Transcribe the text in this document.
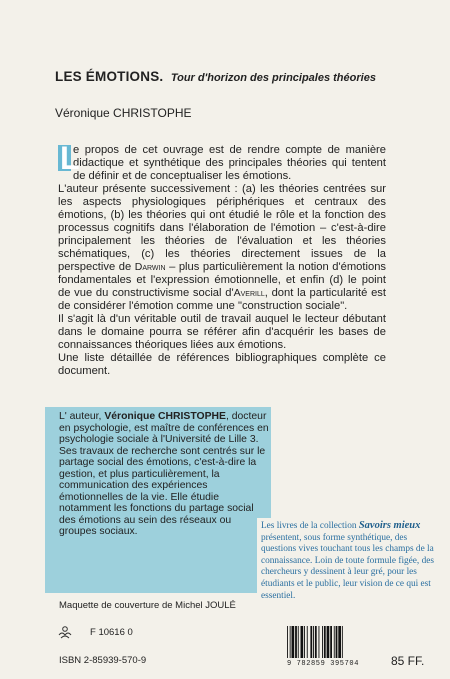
LES ÉMOTIONS. Tour d'horizon des principales théories
Véronique CHRISTOPHE

L
e propos de cet ouvrage est de rendre compte de manière didactique et synthétique des principales théories qui tentent de définir et de conceptualiser les émotions.

L'auteur présente successivement : (a) les théories centrées sur les aspects physiologiques périphériques et centraux des émotions, (b) les théories qui ont étudié le rôle et la fonction des processus cognitifs dans l'élaboration de l'émotion – c'est-à-dire principalement les théories de l'évaluation et les théories schématiques, (c) les théories directement issues de la perspective de Darwin – plus particulièrement la notion d'émotions fondamentales et l'expression émotionnelle, et enfin (d) le point de vue du constructivisme social d'Averill, dont la particularité est de considérer l'émotion comme une "construction sociale".

Il s'agit là d'un véritable outil de travail auquel le lecteur débutant dans le domaine pourra se référer afin d'acquérir les bases de connaissances théoriques liées aux émotions.

Une liste détaillée de références bibliographiques complète ce document.

L' auteur, Véronique CHRISTOPHE, docteur en psychologie, est maître de conférences en psychologie sociale à l'Université de Lille 3.

Ses travaux de recherche sont centrés sur le partage social des émotions, c'est-à-dire la gestion, et plus particulièrement, la communication des expériences émotionnelles de la vie. Elle étudie notamment les fonctions du partage social des émotions au sein des réseaux ou groupes sociaux.	Les livres de la collection Savoirs mieux présentent, sous forme synthétique, des questions vives touchant tous les champs de la connaissance. Loin de toute formule figée, des chercheurs y dessinent à leur gré, pour les étudiants et le public, leur vision de ce qui est essentiel.
Maquette de couverture de Michel JOULÉ
F 10616 0
ISBN 2-85939-570-9	9 782859 395704	85 FF.
